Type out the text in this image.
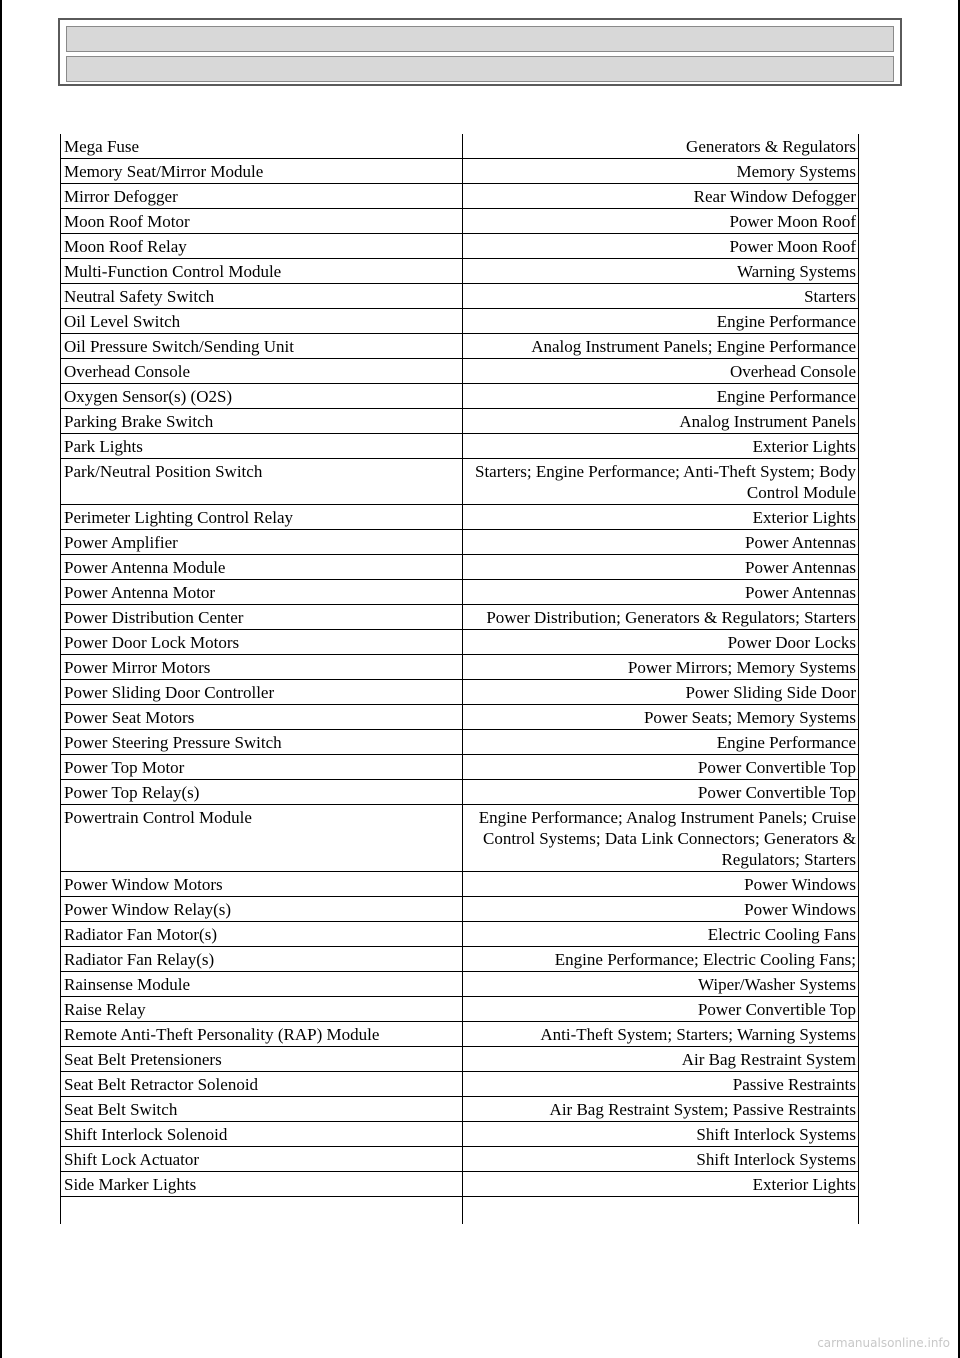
Mega Fuse	Generators & Regulators
Memory Seat/Mirror Module	Memory Systems
Mirror Defogger	Rear Window Defogger
Moon Roof Motor	Power Moon Roof
Moon Roof Relay	Power Moon Roof
Multi-Function Control Module	Warning Systems
Neutral Safety Switch	Starters
Oil Level Switch	Engine Performance
Oil Pressure Switch/Sending Unit	Analog Instrument Panels; Engine Performance
Overhead Console	Overhead Console
Oxygen Sensor(s) (O2S)	Engine Performance
Parking Brake Switch	Analog Instrument Panels
Park Lights	Exterior Lights
Park/Neutral Position Switch	Starters; Engine Performance; Anti-Theft System; Body Control Module
Perimeter Lighting Control Relay	Exterior Lights
Power Amplifier	Power Antennas
Power Antenna Module	Power Antennas
Power Antenna Motor	Power Antennas
Power Distribution Center	Power Distribution; Generators & Regulators; Starters
Power Door Lock Motors	Power Door Locks
Power Mirror Motors	Power Mirrors; Memory Systems
Power Sliding Door Controller	Power Sliding Side Door
Power Seat Motors	Power Seats; Memory Systems
Power Steering Pressure Switch	Engine Performance
Power Top Motor	Power Convertible Top
Power Top Relay(s)	Power Convertible Top
Powertrain Control Module	Engine Performance; Analog Instrument Panels; Cruise Control Systems; Data Link Connectors; Generators & Regulators; Starters
Power Window Motors	Power Windows
Power Window Relay(s)	Power Windows
Radiator Fan Motor(s)	Electric Cooling Fans
Radiator Fan Relay(s)	Engine Performance; Electric Cooling Fans;
Rainsense Module	Wiper/Washer Systems
Raise Relay	Power Convertible Top
Remote Anti-Theft Personality (RAP) Module	Anti-Theft System; Starters; Warning Systems
Seat Belt Pretensioners	Air Bag Restraint System
Seat Belt Retractor Solenoid	Passive Restraints
Seat Belt Switch	Air Bag Restraint System; Passive Restraints
Shift Interlock Solenoid	Shift Interlock Systems
Shift Lock Actuator	Shift Interlock Systems
Side Marker Lights	Exterior Lights

carmanualsonline.info
